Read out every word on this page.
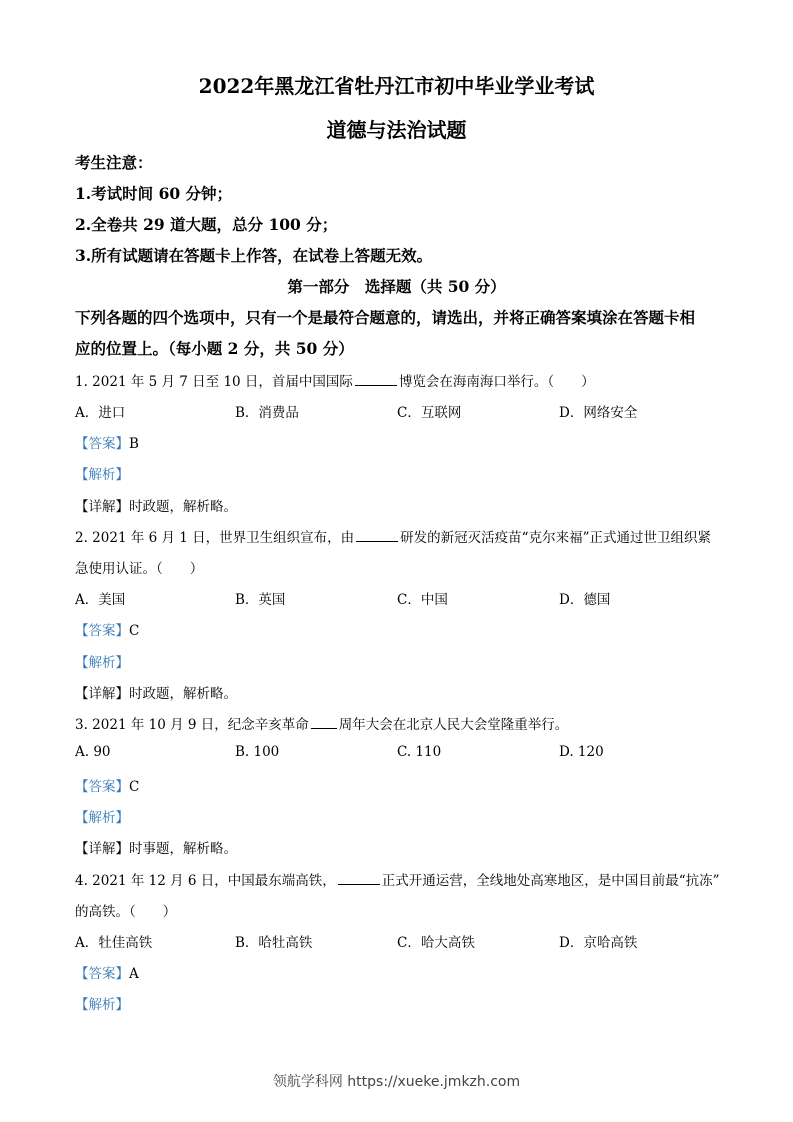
2022年黑龙江省牡丹江市初中毕业学业考试
道德与法治试题
考生注意：
1.考试时间 60 分钟；
2.全卷共 29 道大题，总分 100 分；
3.所有试题请在答题卡上作答，在试卷上答题无效。
第一部分　选择题（共 50 分）
下列各题的四个选项中，只有一个是最符合题意的，请选出，并将正确答案填涂在答题卡相
应的位置上。（每小题 2 分，共 50 分）
1. 2021 年 5 月 7 日至 10 日，首届中国国际	博览会在海南海口举行。（　　）
A．进口	B．消费品	C．互联网	D．网络安全
【答案】B
【解析】
【详解】时政题，解析略。
2. 2021 年 6 月 1 日，世界卫生组织宣布，由	研发的新冠灭活疫苗“克尔来福”正式通过世卫组织紧
急使用认证。（　　）
A．美国	B．英国	C．中国	D．德国
【答案】C
【解析】
【详解】时政题，解析略。
3. 2021 年 10 月 9 日，纪念辛亥革命 周年大会在北京人民大会堂隆重举行。
A. 90	B. 100	C. 110	D. 120
【答案】C
【解析】
【详解】时事题，解析略。
4. 2021 年 12 月 6 日，中国最东端高铁，	正式开通运营，全线地处高寒地区，是中国目前最“抗冻”
的高铁。（　　）
A．牡佳高铁	B．哈牡高铁	C．哈大高铁	D．京哈高铁
【答案】A
【解析】
领航学科网 https://xueke.jmkzh.com
